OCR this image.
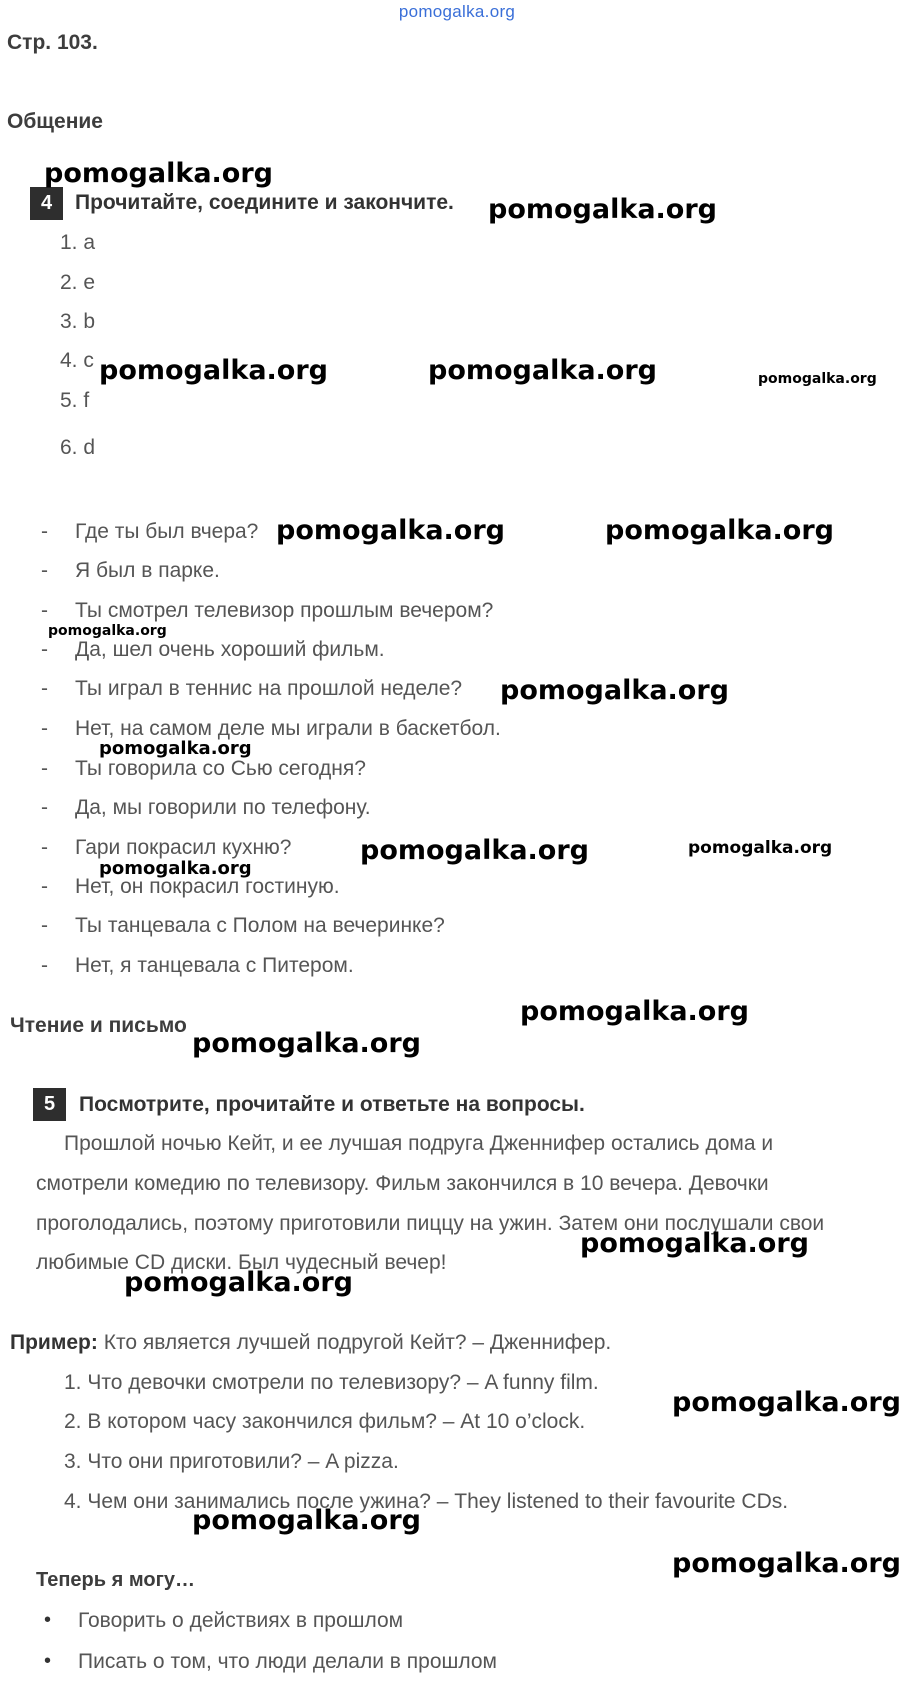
pomogalka.org
Стр. 103.
Общение
4	Прочитайте, соедините и закончите.
1. a
2. e
3. b
4. c
5. f
6. d
- Где ты был вчера?
- Я был в парке.
- Ты смотрел телевизор прошлым вечером?
- Да, шел очень хороший фильм.
- Ты играл в теннис на прошлой неделе?
- Нет, на самом деле мы играли в баскетбол.
- Ты говорила со Сью сегодня?
- Да, мы говорили по телефону.
- Гари покрасил кухню?
- Нет, он покрасил гостиную.
- Ты танцевала с Полом на вечеринке?
- Нет, я танцевала с Питером.
Чтение и письмо
5	Посмотрите, прочитайте и ответьте на вопросы.
Прошлой ночью Кейт, и ее лучшая подруга Дженнифер остались дома и
смотрели комедию по телевизору. Фильм закончился в 10 вечера. Девочки
проголодались, поэтому приготовили пиццу на ужин. Затем они послушали свои
любимые CD диски. Был чудесный вечер!
Пример: Кто является лучшей подругой Кейт? – Дженнифер.
1. Что девочки смотрели по телевизору? – A funny film.
2. В котором часу закончился фильм? – At 10 o’clock.
3. Что они приготовили? – A pizza.
4. Чем они занимались после ужина? – They listened to their favourite CDs.
Теперь я могу…
• Говорить о действиях в прошлом
• Писать о том, что люди делали в прошлом
pomogalka.org
pomogalka.org
pomogalka.org	pomogalka.org	pomogalka.org
pomogalka.org	pomogalka.org
pomogalka.org
pomogalka.org
pomogalka.org
pomogalka.org	pomogalka.org
pomogalka.org
pomogalka.org
pomogalka.org
pomogalka.org
pomogalka.org
pomogalka.org
pomogalka.org
pomogalka.org
